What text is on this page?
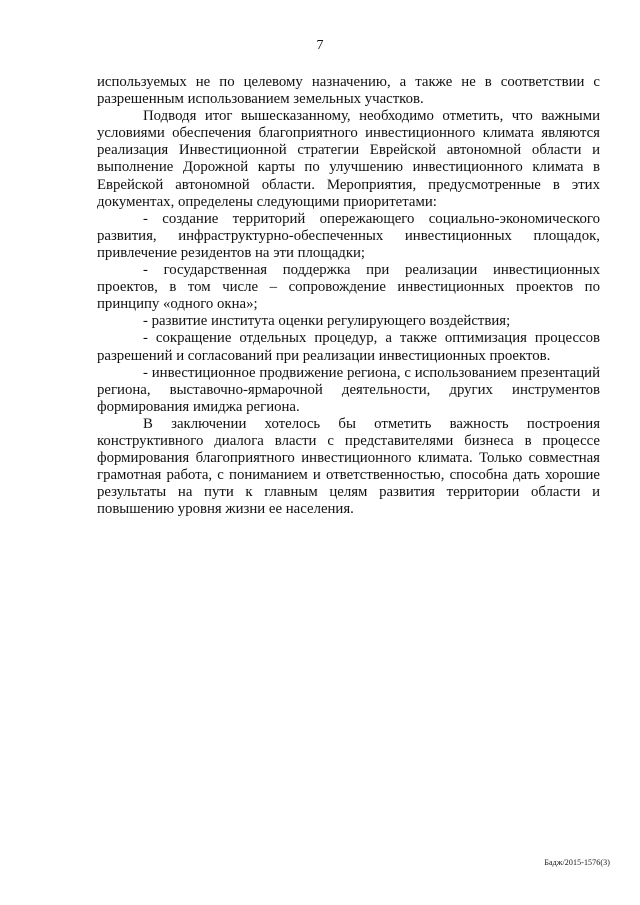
7

используемых не по целевому назначению, а также не в соответствии с разрешенным использованием земельных участков.

Подводя итог вышесказанному, необходимо отметить, что важными условиями обеспечения благоприятного инвестиционного климата являются реализация Инвестиционной стратегии Еврейской автономной области и выполнение Дорожной карты по улучшению инвестиционного климата в Еврейской автономной области. Мероприятия, предусмотренные в этих документах, определены следующими приоритетами:

- создание территорий опережающего социально-экономического развития, инфраструктурно-обеспеченных инвестиционных площадок, привлечение резидентов на эти площадки;

- государственная поддержка при реализации инвестиционных проектов, в том числе – сопровождение инвестиционных проектов по принципу «одного окна»;

- развитие института оценки регулирующего воздействия;

- сокращение отдельных процедур, а также оптимизация процессов разрешений и согласований при реализации инвестиционных проектов.

- инвестиционное продвижение региона, с использованием презентаций региона, выставочно-ярмарочной деятельности, других инструментов формирования имиджа региона.

В заключении хотелось бы отметить важность построения конструктивного диалога власти с представителями бизнеса в процессе формирования благоприятного инвестиционного климата. Только совместная грамотная работа, с пониманием и ответственностью, способна дать хорошие результаты на пути к главным целям развития территории области и повышению уровня жизни ее населения.

Бадж/2015-1576(3)
